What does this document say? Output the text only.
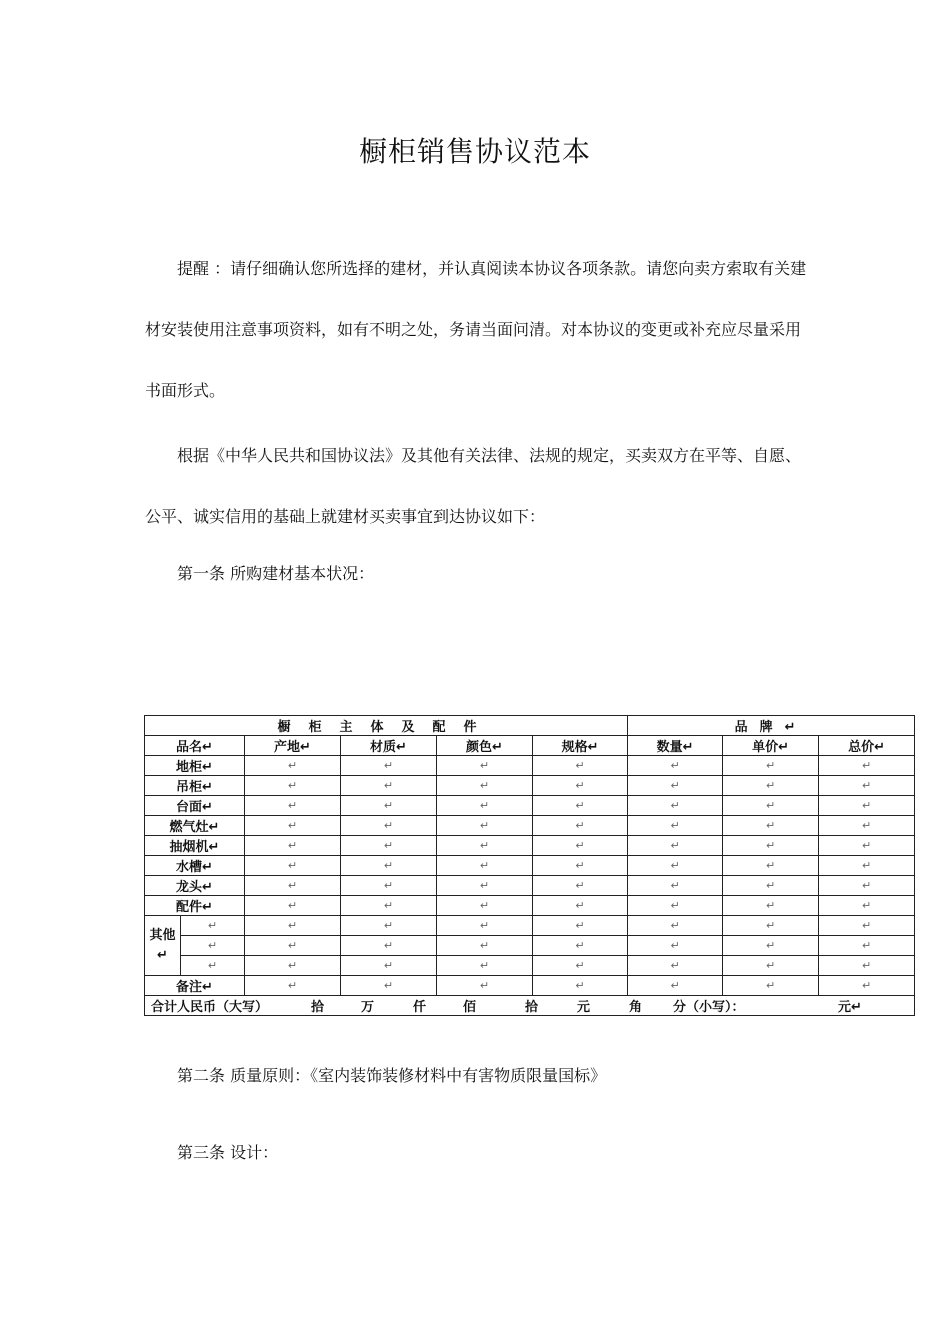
橱柜销售协议范本

提醒 ：请仔细确认您所选择的建材，并认真阅读本协议各项条款。请您向卖方索取有关建材安装使用注意事项资料，如有不明之处，务请当面问清。对本协议的变更或补充应尽量采用书面形式。

根据《中华人民共和国协议法》及其他有关法律、法规的规定，买卖双方在平等、自愿、公平、诚实信用的基础上就建材买卖事宜到达协议如下：

第一条 所购建材基本状况：

橱柜主体及配件						品牌↵		
品名↵		产地↵	材质↵	颜色↵	规格↵	数量↵	单价↵	总价↵
地柜↵		↵	↵	↵	↵	↵	↵	↵
吊柜↵		↵	↵	↵	↵	↵	↵	↵
台面↵		↵	↵	↵	↵	↵	↵	↵
燃气灶↵		↵	↵	↵	↵	↵	↵	↵
抽烟机↵		↵	↵	↵	↵	↵	↵	↵
水槽↵		↵	↵	↵	↵	↵	↵	↵
龙头↵		↵	↵	↵	↵	↵	↵	↵
配件↵		↵	↵	↵	↵	↵	↵	↵
其他↵	↵	↵	↵	↵	↵	↵	↵	↵
	↵	↵	↵	↵	↵	↵	↵	↵
	↵	↵	↵	↵	↵	↵	↵	↵
备注↵		↵	↵	↵	↵	↵	↵	↵
合计人民币（大写） 拾 万 仟 佰 拾 元 角 分（小写）： 元↵								

第二条 质量原则：《室内装饰装修材料中有害物质限量国标》

第三条 设计：
